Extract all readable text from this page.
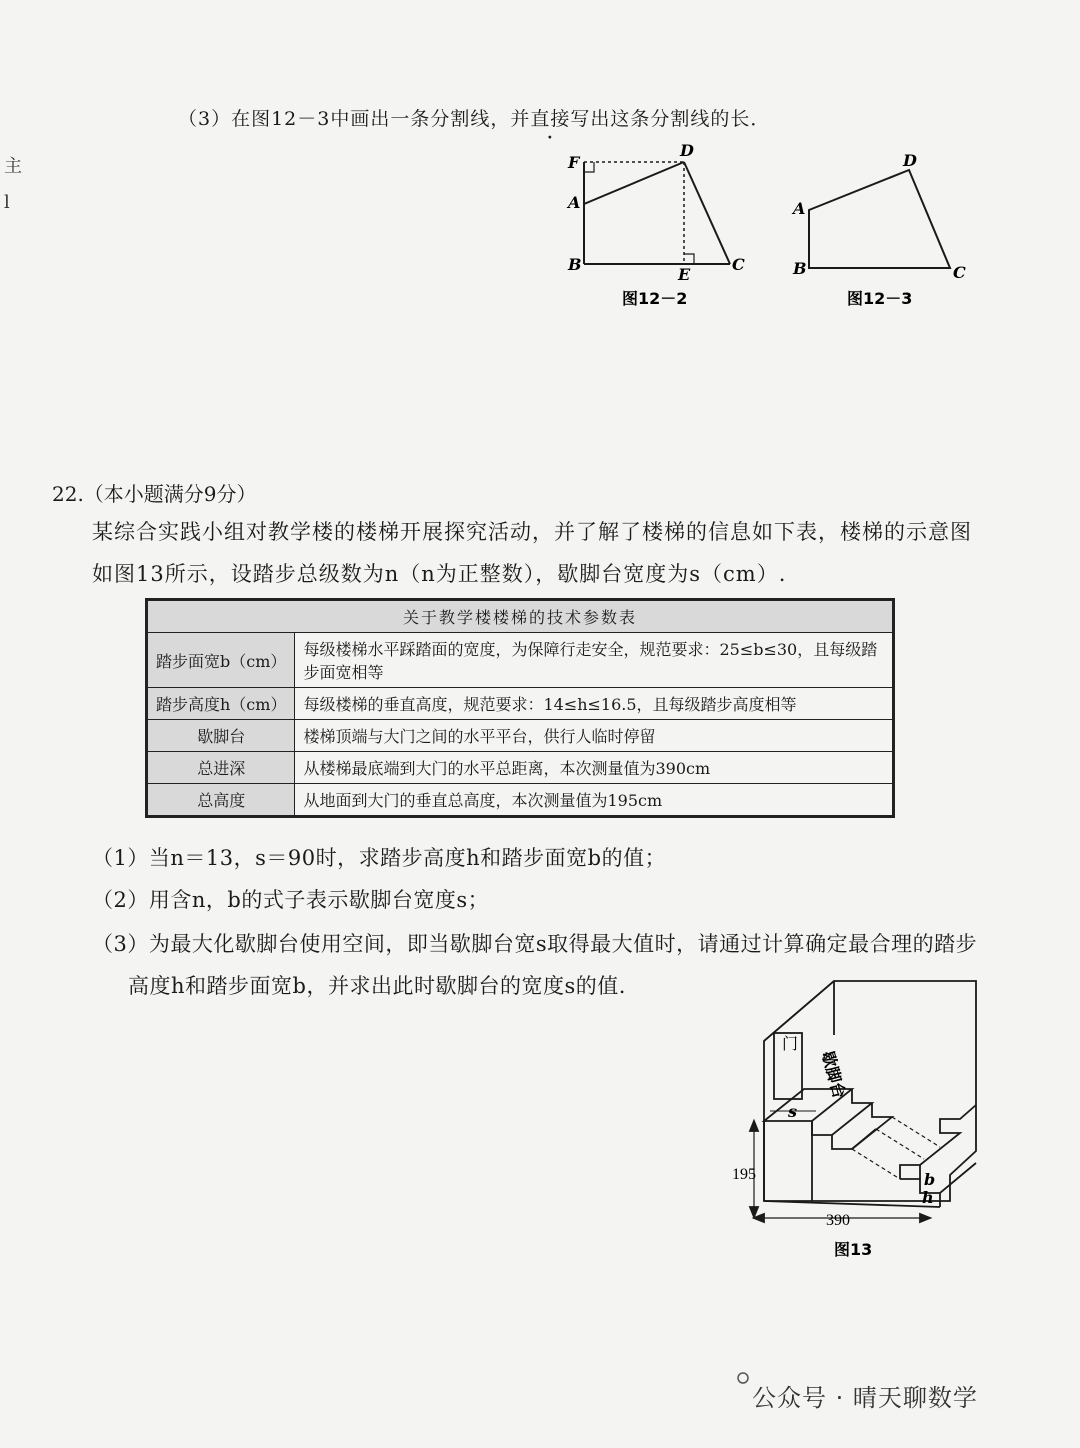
主
l
（3）在图12－3中画出一条分割线，并直接写出这条分割线的长．
F
D
A
B
E
C
图12－2
D
A
B	C
图12－3
22.（本小题满分9分）
某综合实践小组对教学楼的楼梯开展探究活动，并了解了楼梯的信息如下表，楼梯的示意图
如图13所示，设踏步总级数为n（n为正整数），歇脚台宽度为s（cm）.
关于教学楼楼梯的技术参数表	
踏步面宽b（cm）	每级楼梯水平踩踏面的宽度，为保障行走安全，规范要求：25≤b≤30，且每级踏步面宽相等
踏步高度h（cm）	每级楼梯的垂直高度，规范要求：14≤h≤16.5，且每级踏步高度相等
歇脚台	楼梯顶端与大门之间的水平平台，供行人临时停留
总进深	从楼梯最底端到大门的水平总距离，本次测量值为390cm
总高度	从地面到大门的垂直总高度，本次测量值为195cm
（1）当n＝13，s＝90时，求踏步高度h和踏步面宽b的值；
（2）用含n，b的式子表示歇脚台宽度s；
（3）为最大化歇脚台使用空间，即当歇脚台宽s取得最大值时，请通过计算确定最合理的踏步
高度h和踏步面宽b，并求出此时歇脚台的宽度s的值.
门
歇脚台
s
b
h
195
390
图13
公众号 · 晴天聊数学
